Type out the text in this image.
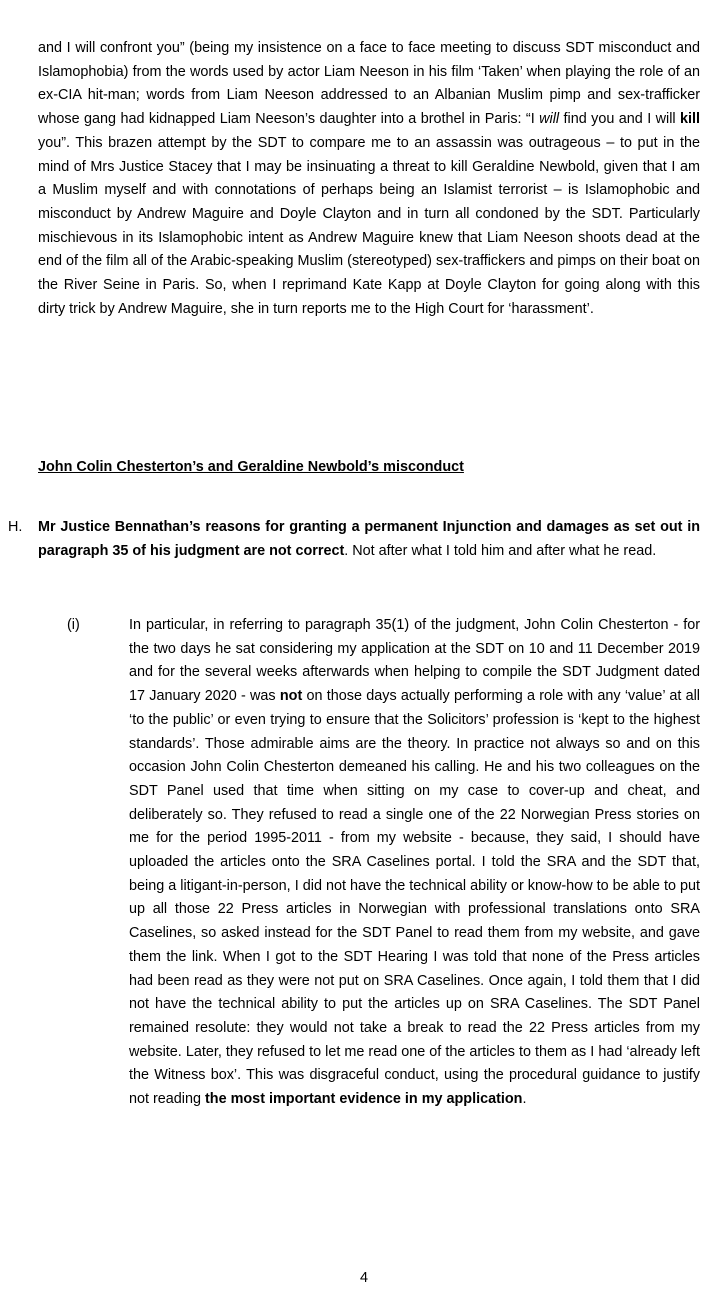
and I will confront you” (being my insistence on a face to face meeting to discuss SDT misconduct and Islamophobia) from the words used by actor Liam Neeson in his film ‘Taken’ when playing the role of an ex-CIA hit-man; words from Liam Neeson addressed to an Albanian Muslim pimp and sex-trafficker whose gang had kidnapped Liam Neeson’s daughter into a brothel in Paris: “I will find you and I will kill you”. This brazen attempt by the SDT to compare me to an assassin was outrageous – to put in the mind of Mrs Justice Stacey that I may be insinuating a threat to kill Geraldine Newbold, given that I am a Muslim myself and with connotations of perhaps being an Islamist terrorist – is Islamophobic and misconduct by Andrew Maguire and Doyle Clayton and in turn all condoned by the SDT. Particularly mischievous in its Islamophobic intent as Andrew Maguire knew that Liam Neeson shoots dead at the end of the film all of the Arabic-speaking Muslim (stereotyped) sex-traffickers and pimps on their boat on the River Seine in Paris. So, when I reprimand Kate Kapp at Doyle Clayton for going along with this dirty trick by Andrew Maguire, she in turn reports me to the High Court for ‘harassment’.

John Colin Chesterton’s and Geraldine Newbold’s misconduct

H. Mr Justice Bennathan’s reasons for granting a permanent Injunction and damages as set out in paragraph 35 of his judgment are not correct. Not after what I told him and after what he read.

(i)	In particular, in referring to paragraph 35(1) of the judgment, John Colin Chesterton - for the two days he sat considering my application at the SDT on 10 and 11 December 2019 and for the several weeks afterwards when helping to compile the SDT Judgment dated 17 January 2020 - was not on those days actually performing a role with any ‘value’ at all ‘to the public’ or even trying to ensure that the Solicitors’ profession is ‘kept to the highest standards’. Those admirable aims are the theory. In practice not always so and on this occasion John Colin Chesterton demeaned his calling. He and his two colleagues on the SDT Panel used that time when sitting on my case to cover-up and cheat, and deliberately so. They refused to read a single one of the 22 Norwegian Press stories on me for the period 1995-2011 - from my website - because, they said, I should have uploaded the articles onto the SRA Caselines portal. I told the SRA and the SDT that, being a litigant-in-person, I did not have the technical ability or know-how to be able to put up all those 22 Press articles in Norwegian with professional translations onto SRA Caselines, so asked instead for the SDT Panel to read them from my website, and gave them the link. When I got to the SDT Hearing I was told that none of the Press articles had been read as they were not put on SRA Caselines. Once again, I told them that I did not have the technical ability to put the articles up on SRA Caselines. The SDT Panel remained resolute: they would not take a break to read the 22 Press articles from my website. Later, they refused to let me read one of the articles to them as I had ‘already left the Witness box’. This was disgraceful conduct, using the procedural guidance to justify not reading the most important evidence in my application.

4
